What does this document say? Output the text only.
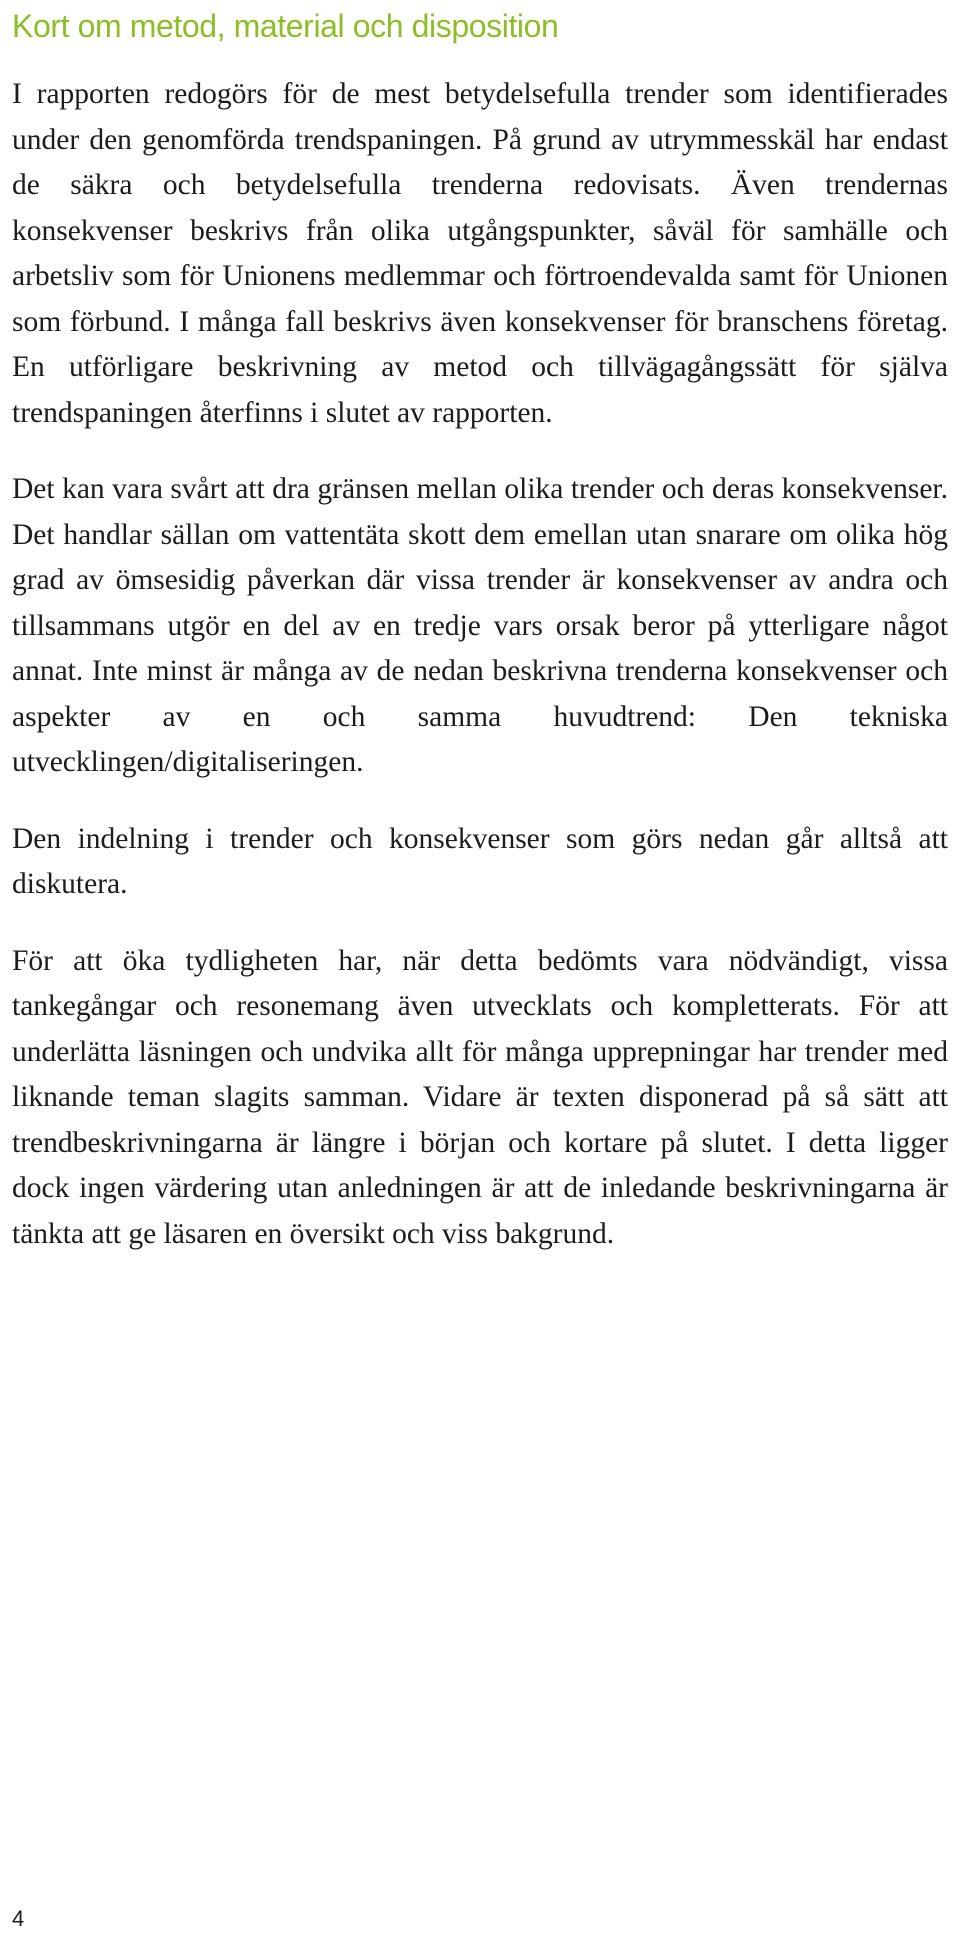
Kort om metod, material och disposition

I rapporten redogörs för de mest betydelsefulla trender som identifierades under den genomförda trendspaningen. På grund av utrymmesskäl har endast de säkra och betydelsefulla trenderna redovisats. Även trendernas konsekvenser beskrivs från olika utgångspunkter, såväl för samhälle och arbetsliv som för Unionens medlemmar och förtroendevalda samt för Unionen som förbund. I många fall beskrivs även konsekvenser för branschens företag. En utförligare beskrivning av metod och tillvägagångssätt för själva trendspaningen återfinns i slutet av rapporten.

Det kan vara svårt att dra gränsen mellan olika trender och deras konsekvenser. Det handlar sällan om vattentäta skott dem emellan utan snarare om olika hög grad av ömsesidig påverkan där vissa trender är konsekvenser av andra och tillsammans utgör en del av en tredje vars orsak beror på ytterligare något annat. Inte minst är många av de nedan beskrivna trenderna konsekvenser och aspekter av en och samma huvudtrend: Den tekniska utvecklingen/digitaliseringen.

Den indelning i trender och konsekvenser som görs nedan går alltså att diskutera.

För att öka tydligheten har, när detta bedömts vara nödvändigt, vissa tankegångar och resonemang även utvecklats och kompletterats. För att underlätta läsningen och undvika allt för många upprepningar har trender med liknande teman slagits samman. Vidare är texten disponerad på så sätt att trendbeskrivningarna är längre i början och kortare på slutet. I detta ligger dock ingen värdering utan anledningen är att de inledande beskrivningarna är tänkta att ge läsaren en översikt och viss bakgrund.

4
